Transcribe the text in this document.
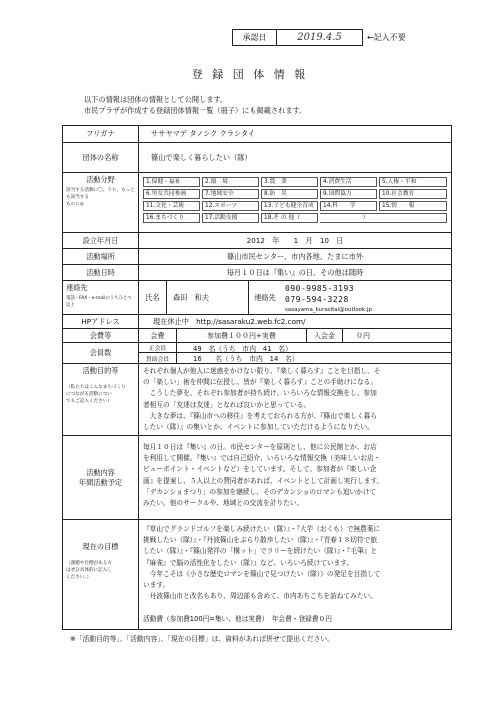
承認日	2019.4.5	←記入不要
登 録 団 体 情 報
以下の情報は団体の情報として公開します。
市民プラザが作成する登録団体情報一覧（冊子）にも掲載されます。
フリガナ	ササヤマデ タノシク クラシタイ
団体の名称	篠山で楽しく暮らしたい（隊）
活動分野
該当する活動に〇。うち、もっとも該当する
ものに◎
1.保健・福祉	2.環　境	3.農　業	4.消費生活	5.人権・平和
6.男女共同参画	7.地域安全	8.防　災	9.国際協力	10.社会教育
11.文化・芸術	12.スポーツ	13.子ども健全育成	14.科　　学	15.情　　報
16.まちづくり	17.活動支援	18.そ の 他（	　　　　　　　）
設立年月日	2012　年　　1　月　10　日
活動場所	篠山市民センター、市内各地、たまに市外
活動日時	毎月１０日は『集い』の日。その他は随時
連絡先
電話・FAX・e-mailのうちひとつ以上
氏名	森田　和夫	連絡先
090-9985-3193
079-594-3228
sasayama_kurasitai@outlook.jp
HPアドレス	現在休止中　http://sasaraku2.web.fc2.com/
会費等	会費	参加費１００円+実費	入会金	０円
会員数	正会員	49　名（うち　市内　41　名）
賛助会員	16　　名（うち　市内　14　名）
活動目的等
（私たちはこんなまちづくり
につながる活動につい
てもご記入ください）

それぞれ個人が他人に迷惑をかけない限り、『楽しく暮らす』ことを目指し、そ

の「楽しい」術を仲間に伝授し、皆が『楽しく暮らす』ことの手助けになる。

　こうした夢を、それぞれ参加者が持ち続け、いろいろな情報交換をし、参加

者相互の「友達は友達」となれば良いかと思っている。

　大きな夢は、『篠山市への移住』を考えておられる方が、『篠山で楽しく暮ら

したい（隊）』の集いとか、イベントに参加していただけるようになりたい。

活動内容
年間活動予定

毎月１０日は『集い』の日。市民センターを原則とし、他に公民館とか、お店

を利用して開催。『集い』では自己紹介、いろいろな情報交換（美味しいお店・

ビューポイント・イベントなど）をしています。そして、参加者が『楽しい企

画』を提案し、５人以上の賛同者があれば、イベントとして計画し実行します。

「デカンショまつり」の参加を継続し、そのデカンショのロマンも追いかけて

みたい。他のサークルや、地域との交流を計りたい。

現在の目標
（課題や目標がある方
はぜひ具体的に記入し
ください。）

『草山でグランドゴルフを楽しみ続けたい（隊）』・『大芋（おくも）で無農薬に

挑戦したい（隊）』・『丹波篠山をぶらり散歩したい（隊）』・『青春１８切符で旅

したい（隊）』・『篠山発祥の「構ット」でラリーを続けたい（隊）』・『毛筆』と

『麻雀』で脳の活性化をしたい（隊）』など、いろいろ続けています。

　今年こそは《小さな歴史ロマンを篠山で見つけたい（隊）》の発足を目指して

います。

　丹波篠山市と改名もあり、周辺部も含めて、市内あちこちを訪ねてみたい。

活動費（参加費100円=集い、他は実費）　年会費・登録費０円

※「活動目的等」、「活動内容」、「現在の目標」は、資料があれば併せて提出ください。
